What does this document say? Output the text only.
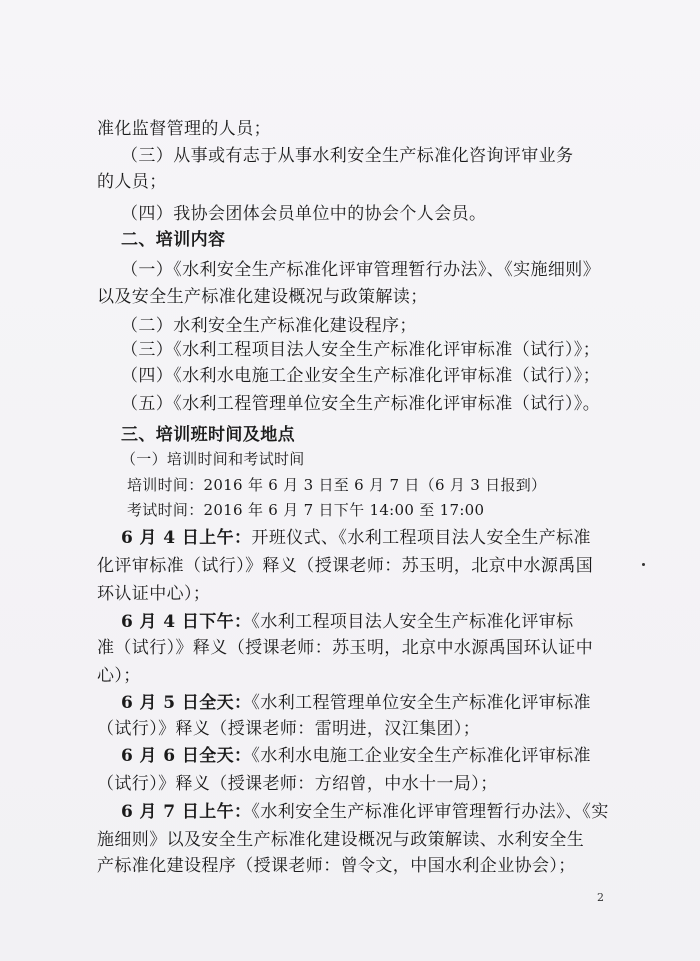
准化监督管理的人员；
（三）从事或有志于从事水利安全生产标准化咨询评审业务
的人员；
（四）我协会团体会员单位中的协会个人会员。
二、培训内容
（一）《水利安全生产标准化评审管理暂行办法》、《实施细则》
以及安全生产标准化建设概况与政策解读；
（二）水利安全生产标准化建设程序；
（三）《水利工程项目法人安全生产标准化评审标准（试行）》；
（四）《水利水电施工企业安全生产标准化评审标准（试行）》；
（五）《水利工程管理单位安全生产标准化评审标准（试行）》。
三、培训班时间及地点
（一）培训时间和考试时间
培训时间：2016 年 6 月 3 日至 6 月 7 日（6 月 3 日报到）
考试时间：2016 年 6 月 7 日下午 14:00 至 17:00
6 月 4 日上午：开班仪式、《水利工程项目法人安全生产标准
化评审标准（试行）》释义（授课老师：苏玉明，北京中水源禹国
环认证中心）；
6 月 4 日下午：《水利工程项目法人安全生产标准化评审标
准（试行）》释义（授课老师：苏玉明，北京中水源禹国环认证中
心）；
6 月 5 日全天：《水利工程管理单位安全生产标准化评审标准
（试行）》释义（授课老师：雷明进，汉江集团）；
6 月 6 日全天：《水利水电施工企业安全生产标准化评审标准
（试行）》释义（授课老师：方绍曾，中水十一局）；
6 月 7 日上午：《水利安全生产标准化评审管理暂行办法》、《实
施细则》以及安全生产标准化建设概况与政策解读、水利安全生
产标准化建设程序（授课老师：曾令文，中国水利企业协会）；
2
